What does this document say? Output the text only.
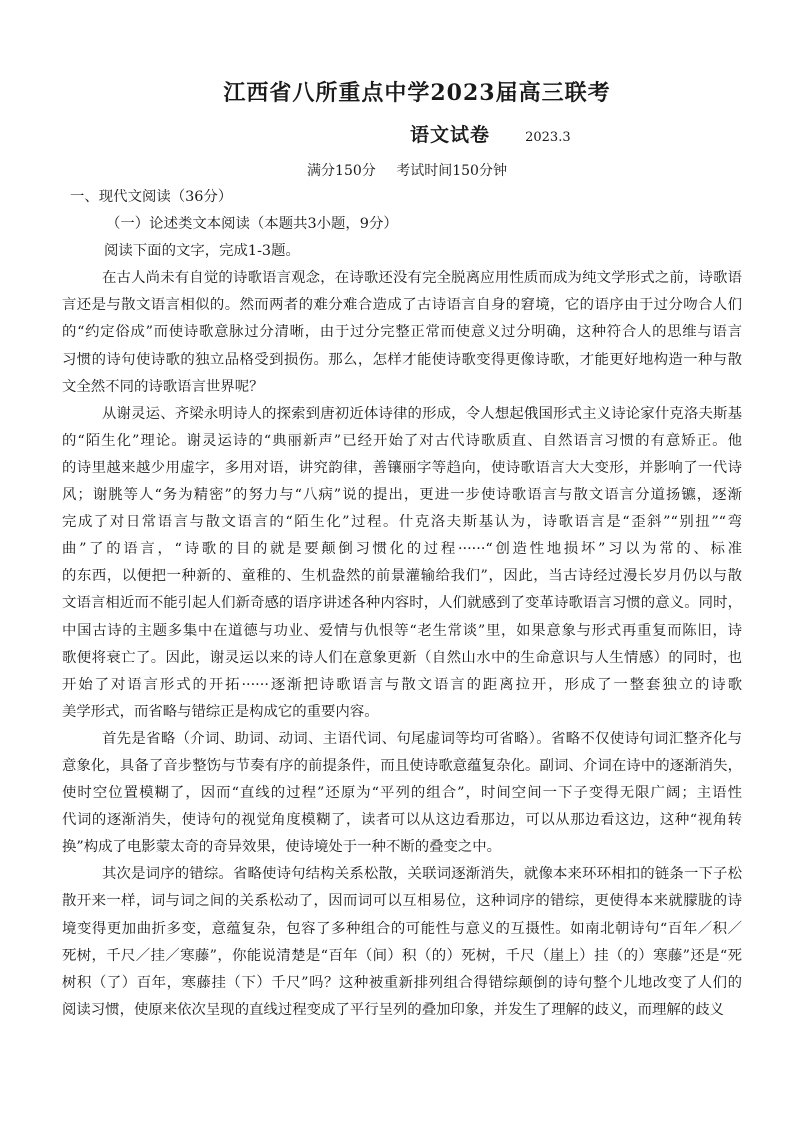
江西省八所重点中学2023届高三联考
语文试卷	2023.3
满分150分 考试时间150分钟
一、现代文阅读（36分）
（一）论述类文本阅读（本题共3小题，9分）
阅读下面的文字，完成1-3题。
在古人尚未有自觉的诗歌语言观念，在诗歌还没有完全脱离应用性质而成为纯文学形式之前，诗歌语
言还是与散文语言相似的。然而两者的难分难合造成了古诗语言自身的窘境，它的语序由于过分吻合人们
的“约定俗成”而使诗歌意脉过分清晰，由于过分完整正常而使意义过分明确，这种符合人的思维与语言
习惯的诗句使诗歌的独立品格受到损伤。那么，怎样才能使诗歌变得更像诗歌，才能更好地构造一种与散
文全然不同的诗歌语言世界呢？
从谢灵运、齐梁永明诗人的探索到唐初近体诗律的形成，令人想起俄国形式主义诗论家什克洛夫斯基
的“陌生化”理论。谢灵运诗的“典丽新声”已经开始了对古代诗歌质直、自然语言习惯的有意矫正。他
的诗里越来越少用虚字，多用对语，讲究韵律，善镶丽字等趋向，使诗歌语言大大变形，并影响了一代诗
风；谢朓等人“务为精密”的努力与“八病”说的提出，更进一步使诗歌语言与散文语言分道扬镳，逐渐
完成了对日常语言与散文语言的“陌生化”过程。什克洛夫斯基认为，诗歌语言是“歪斜”“别扭”“弯
曲”了的语言，“诗歌的目的就是要颠倒习惯化的过程······“创造性地损坏”习以为常的、标准
的东西，以便把一种新的、童稚的、生机盎然的前景灌输给我们”，因此，当古诗经过漫长岁月仍以与散
文语言相近而不能引起人们新奇感的语序讲述各种内容时，人们就感到了变革诗歌语言习惯的意义。同时，
中国古诗的主题多集中在道德与功业、爱情与仇恨等“老生常谈”里，如果意象与形式再重复而陈旧，诗
歌便将衰亡了。因此，谢灵运以来的诗人们在意象更新（自然山水中的生命意识与人生情感）的同时，也
开始了对语言形式的开拓······逐渐把诗歌语言与散文语言的距离拉开，形成了一整套独立的诗歌
美学形式，而省略与错综正是构成它的重要内容。
首先是省略（介词、助词、动词、主语代词、句尾虚词等均可省略）。省略不仅使诗句词汇整齐化与
意象化，具备了音步整饬与节奏有序的前提条件，而且使诗歌意蕴复杂化。副词、介词在诗中的逐渐消失，
使时空位置模糊了，因而“直线的过程”还原为“平列的组合”，时间空间一下子变得无限广阔；主语性
代词的逐渐消失，使诗句的视觉角度模糊了，读者可以从这边看那边，可以从那边看这边，这种“视角转
换”构成了电影蒙太奇的奇异效果，使诗境处于一种不断的叠变之中。
其次是词序的错综。省略使诗句结构关系松散，关联词逐渐消失，就像本来环环相扣的链条一下子松
散开来一样，词与词之间的关系松动了，因而词可以互相易位，这种词序的错综，更使得本来就朦胧的诗
境变得更加曲折多变，意蕴复杂，包容了多种组合的可能性与意义的互摄性。如南北朝诗句“百年／积／
死树，千尺／挂／寒藤”，你能说清楚是“百年（间）积（的）死树，千尺（崖上）挂（的）寒藤”还是“死
树积（了）百年，寒藤挂（下）千尺”吗？这种被重新排列组合得错综颠倒的诗句整个儿地改变了人们的
阅读习惯，使原来依次呈现的直线过程变成了平行呈列的叠加印象，并发生了理解的歧义，而理解的歧义
